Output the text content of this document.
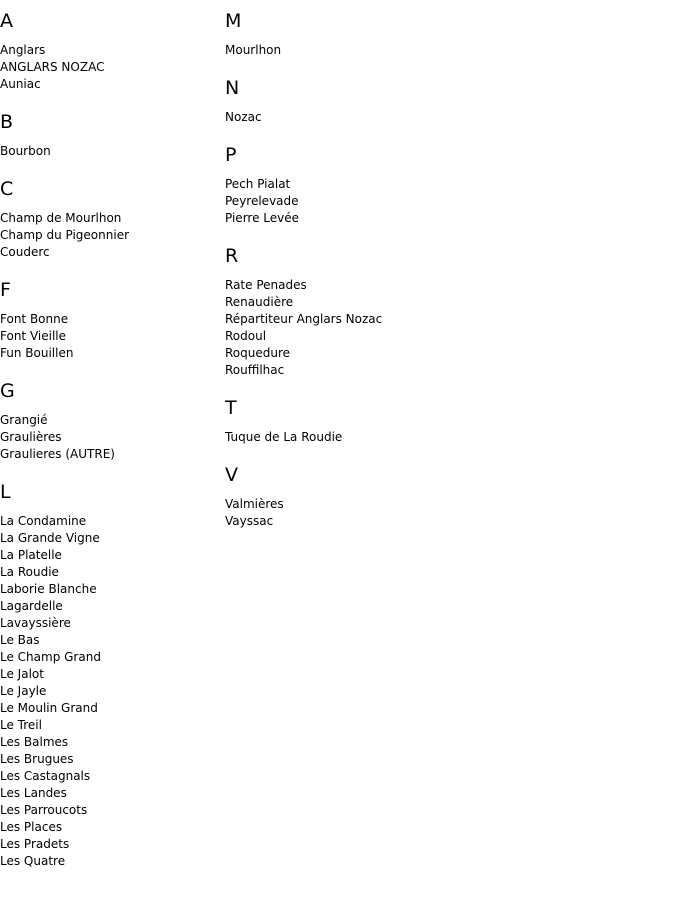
A
Anglars
ANGLARS NOZAC
Auniac
B
Bourbon
C
Champ de Mourlhon
Champ du Pigeonnier
Couderc
F
Font Bonne
Font Vieille
Fun Bouillen
G
Grangié
Graulières
Graulieres (AUTRE)
L
La Condamine
La Grande Vigne
La Platelle
La Roudie
Laborie Blanche
Lagardelle
Lavayssière
Le Bas
Le Champ Grand
Le Jalot
Le Jayle
Le Moulin Grand
Le Treil
Les Balmes
Les Brugues
Les Castagnals
Les Landes
Les Parroucots
Les Places
Les Pradets
Les Quatre
M
Mourlhon
N
Nozac
P
Pech Pialat
Peyrelevade
Pierre Levée
R
Rate Penades
Renaudière
Répartiteur Anglars Nozac
Rodoul
Roquedure
Rouffilhac
T
Tuque de La Roudie
V
Valmières
Vayssac
